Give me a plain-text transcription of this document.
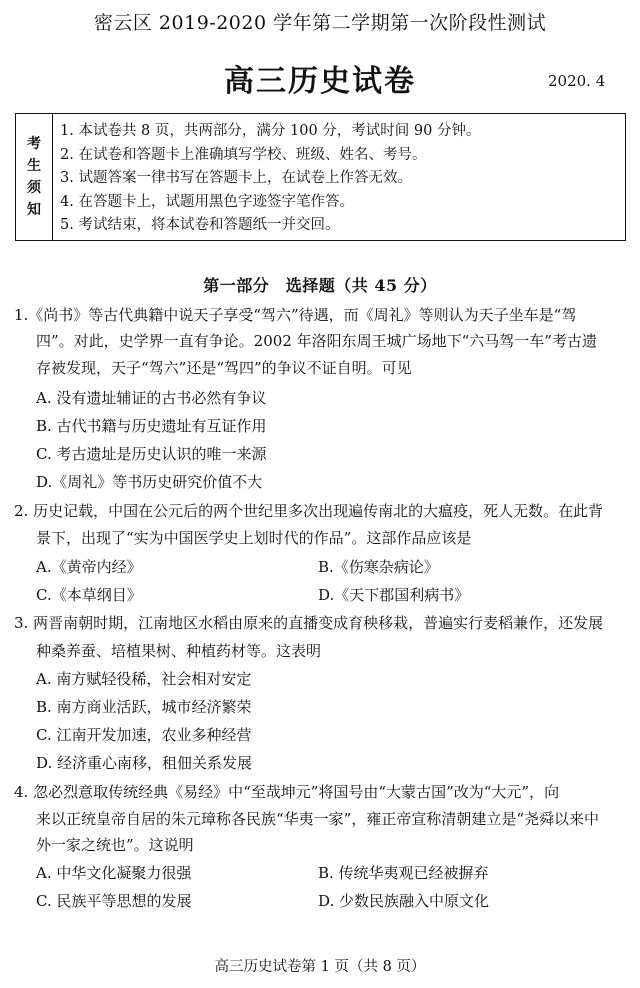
密云区 2019-2020 学年第二学期第一次阶段性测试
高三历史试卷	2020. 4
考
生
须
知
1. 本试卷共 8 页，共两部分，满分 100 分，考试时间 90 分钟。
2. 在试卷和答题卡上准确填写学校、班级、姓名、考号。
3. 试题答案一律书写在答题卡上，在试卷上作答无效。
4. 在答题卡上，试题用黑色字迹签字笔作答。
5. 考试结束，将本试卷和答题纸一并交回。
第一部分　选择题（共 45 分）
1.《尚书》等古代典籍中说天子享受“驾六”待遇，而《周礼》等则认为天子坐车是“驾
四”。对此，史学界一直有争论。2002 年洛阳东周王城广场地下“六马驾一车”考古遗
存被发现，天子“驾六”还是“驾四”的争议不证自明。可见
A. 没有遗址辅证的古书必然有争议
B. 古代书籍与历史遗址有互证作用
C. 考古遗址是历史认识的唯一来源
D.《周礼》等书历史研究价值不大
2. 历史记载，中国在公元后的两个世纪里多次出现遍传南北的大瘟疫，死人无数。在此背
景下，出现了“实为中国医学史上划时代的作品”。这部作品应该是
A.《黄帝内经》	B.《伤寒杂病论》
C.《本草纲目》	D.《天下郡国利病书》
3. 两晋南朝时期，江南地区水稻由原来的直播变成育秧移栽，普遍实行麦稻兼作，还发展
种桑养蚕、培植果树、种植药材等。这表明
A. 南方赋轻役稀，社会相对安定
B. 南方商业活跃，城市经济繁荣
C. 江南开发加速，农业多种经营
D. 经济重心南移，租佃关系发展
4. 忽必烈意取传统经典《易经》中“至哉坤元”将国号由“大蒙古国”改为“大元”，向
来以正统皇帝自居的朱元璋称各民族“华夷一家”，雍正帝宣称清朝建立是“尧舜以来中
外一家之统也”。这说明
A. 中华文化凝聚力很强	B. 传统华夷观已经被摒弃
C. 民族平等思想的发展	D. 少数民族融入中原文化
高三历史试卷第 1 页（共 8 页）
